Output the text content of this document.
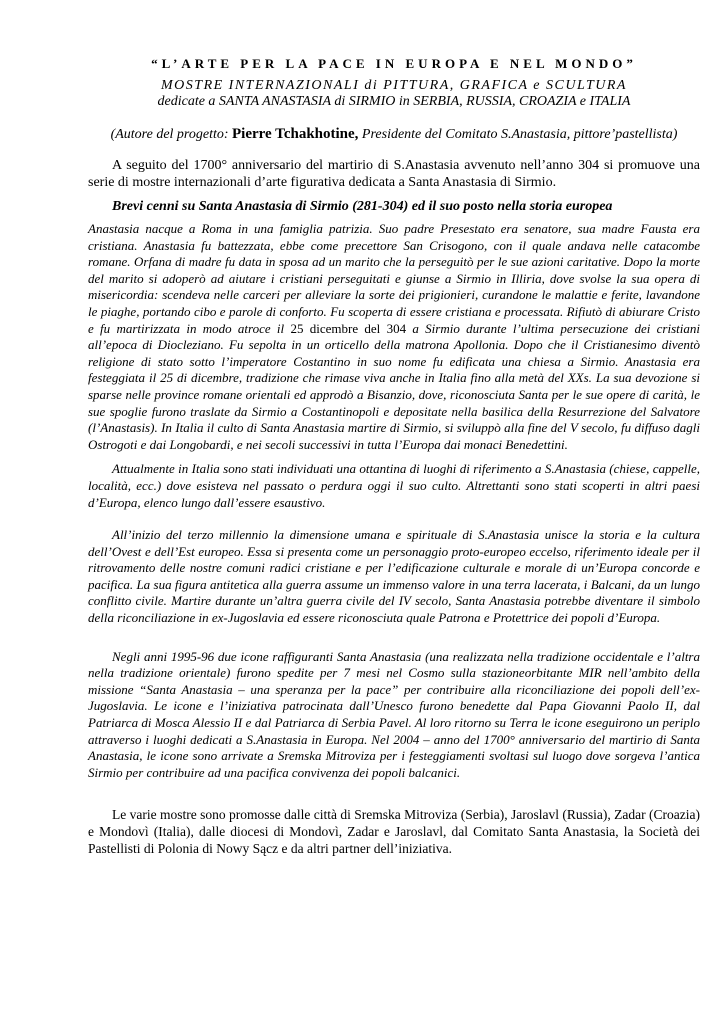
“L’ARTE PER LA PACE IN EUROPA E NEL MONDO”
MOSTRE INTERNAZIONALI di PITTURA, GRAFICA e SCULTURA
dedicate a SANTA ANASTASIA di SIRMIO in SERBIA, RUSSIA, CROAZIA e ITALIA
(Autore del progetto: Pierre Tchakhotine, Presidente del Comitato S.Anastasia, pittore’pastellista)

A seguito del 1700° anniversario del martirio di S.Anastasia avvenuto nell’anno 304 si promuove una serie di mostre internazionali d’arte figurativa dedicata a Santa Anastasia di Sirmio.

Brevi cenni su Santa Anastasia di Sirmio (281-304) ed il suo posto nella storia europea

Anastasia nacque a Roma in una famiglia patrizia. Suo padre Presestato era senatore, sua madre Fausta era cristiana. Anastasia fu battezzata, ebbe come precettore San Crisogono, con il quale andava nelle catacombe romane. Orfana di madre fu data in sposa ad un marito che la perseguitò per le sue azioni caritative. Dopo la morte del marito si adoperò ad aiutare i cristiani perseguitati e giunse a Sirmio in Illiria, dove svolse la sua opera di misericordia: scendeva nelle carceri per alleviare la sorte dei prigionieri, curandone le malattie e ferite, lavandone le piaghe, portando cibo e parole di conforto. Fu scoperta di essere cristiana e processata. Rifiutò di abiurare Cristo e fu martirizzata in modo atroce il 25 dicembre del 304 a Sirmio durante l’ultima persecuzione dei cristiani all’epoca di Diocleziano. Fu sepolta in un orticello della matrona Apollonia. Dopo che il Cristianesimo diventò religione di stato sotto l’imperatore Costantino in suo nome fu edificata una chiesa a Sirmio. Anastasia era festeggiata il 25 di dicembre, tradizione che rimase viva anche in Italia fino alla metà del XXs. La sua devozione si sparse nelle province romane orientali ed approdò a Bisanzio, dove, riconosciuta Santa per le sue opere di carità, le sue spoglie furono traslate da Sirmio a Costantinopoli e depositate nella basilica della Resurrezione del Salvatore (l’Anastasis). In Italia il culto di Santa Anastasia martire di Sirmio, si sviluppò alla fine del V secolo, fu diffuso dagli Ostrogoti e dai Longobardi, e nei secoli successivi in tutta l’Europa dai monaci Benedettini.

Attualmente in Italia sono stati individuati una ottantina di luoghi di riferimento a S.Anastasia (chiese, cappelle, località, ecc.) dove esisteva nel passato o perdura oggi il suo culto. Altrettanti sono stati scoperti in altri paesi d’Europa, elenco lungo dall’essere esaustivo.

All’inizio del terzo millennio la dimensione umana e spirituale di S.Anastasia unisce la storia e la cultura dell’Ovest e dell’Est europeo. Essa si presenta come un personaggio proto-europeo eccelso, riferimento ideale per il ritrovamento delle nostre comuni radici cristiane e per l’edificazione culturale e morale di un’Europa concorde e pacifica. La sua figura antitetica alla guerra assume un immenso valore in una terra lacerata, i Balcani, da un lungo conflitto civile. Martire durante un’altra guerra civile del IV secolo, Santa Anastasia potrebbe diventare il simbolo della riconciliazione in ex-Jugoslavia ed essere riconosciuta quale Patrona e Protettrice dei popoli d’Europa.

Negli anni 1995-96 due icone raffiguranti Santa Anastasia (una realizzata nella tradizione occidentale e l’altra nella tradizione orientale) furono spedite per 7 mesi nel Cosmo sulla stazioneorbitante MIR nell’ambito della missione “Santa Anastasia – una speranza per la pace” per contribuire alla riconciliazione dei popoli dell’ex-Jugoslavia. Le icone e l’iniziativa patrocinata dall’Unesco furono benedette dal Papa Giovanni Paolo II, dal Patriarca di Mosca Alessio II e dal Patriarca di Serbia Pavel. Al loro ritorno su Terra le icone eseguirono un periplo attraverso i luoghi dedicati a S.Anastasia in Europa. Nel 2004 – anno del 1700° anniversario del martirio di Santa Anastasia, le icone sono arrivate a Sremska Mitroviza per i festeggiamenti svoltasi sul luogo dove sorgeva l’antica Sirmio per contribuire ad una pacifica convivenza dei popoli balcanici.

Le varie mostre sono promosse dalle città di Sremska Mitroviza (Serbia), Jaroslavl (Russia), Zadar (Croazia) e Mondovì (Italia), dalle diocesi di Mondovì, Zadar e Jaroslavl, dal Comitato Santa Anastasia, la Società dei Pastellisti di Polonia di Nowy Sącz e da altri partner dell’iniziativa.
